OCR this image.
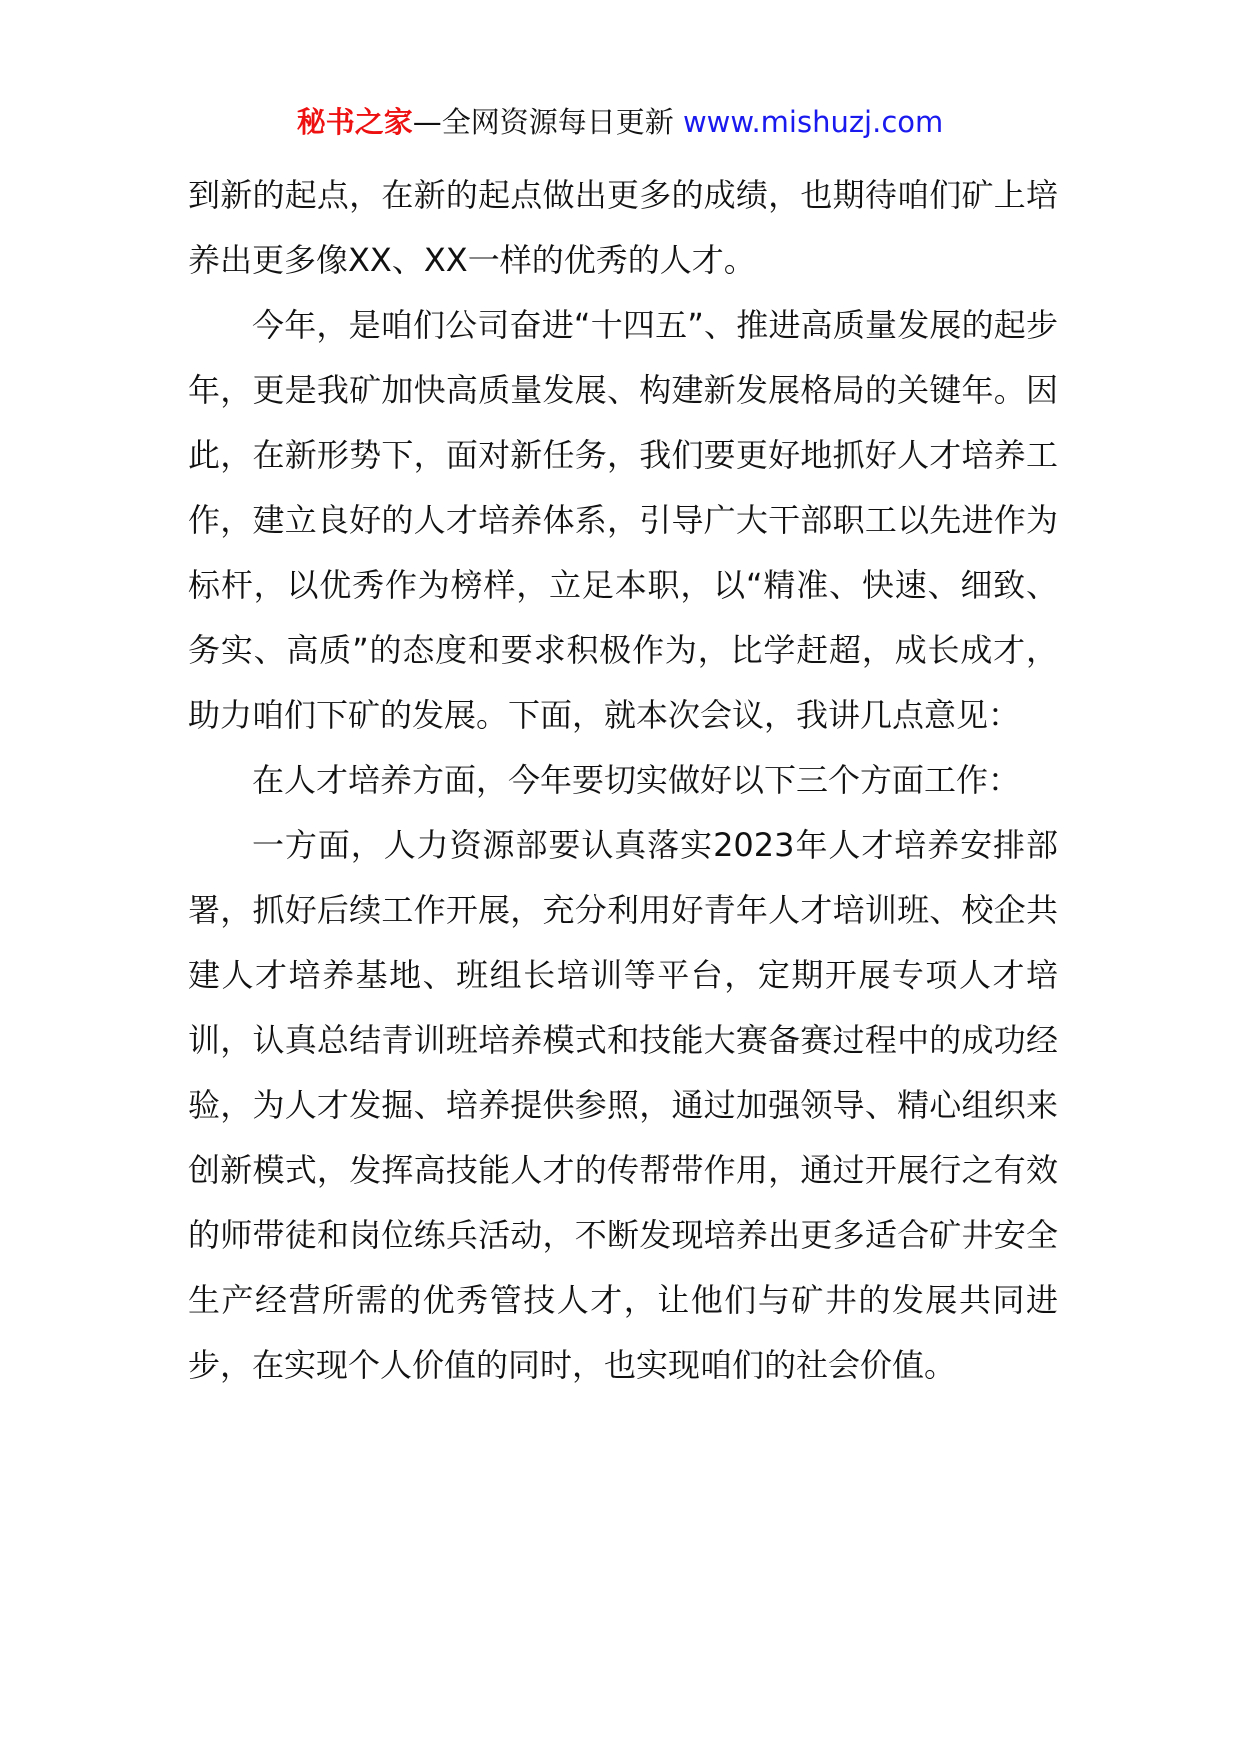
秘书之家—全网资源每日更新 www.mishuzj.com

到新的起点，在新的起点做出更多的成绩，也期待咱们矿上培养出更多像XX、XX一样的优秀的人才。

今年，是咱们公司奋进“十四五”、推进高质量发展的起步年，更是我矿加快高质量发展、构建新发展格局的关键年。因此，在新形势下，面对新任务，我们要更好地抓好人才培养工作，建立良好的人才培养体系，引导广大干部职工以先进作为标杆，以优秀作为榜样，立足本职，以“精准、快速、细致、务实、高质”的态度和要求积极作为，比学赶超，成长成才，助力咱们下矿的发展。下面，就本次会议，我讲几点意见：

在人才培养方面，今年要切实做好以下三个方面工作：

一方面，人力资源部要认真落实2023年人才培养安排部署，抓好后续工作开展，充分利用好青年人才培训班、校企共建人才培养基地、班组长培训等平台，定期开展专项人才培训，认真总结青训班培养模式和技能大赛备赛过程中的成功经验，为人才发掘、培养提供参照，通过加强领导、精心组织来创新模式，发挥高技能人才的传帮带作用，通过开展行之有效的师带徒和岗位练兵活动，不断发现培养出更多适合矿井安全生产经营所需的优秀管技人才，让他们与矿井的发展共同进步，在实现个人价值的同时，也实现咱们的社会价值。
